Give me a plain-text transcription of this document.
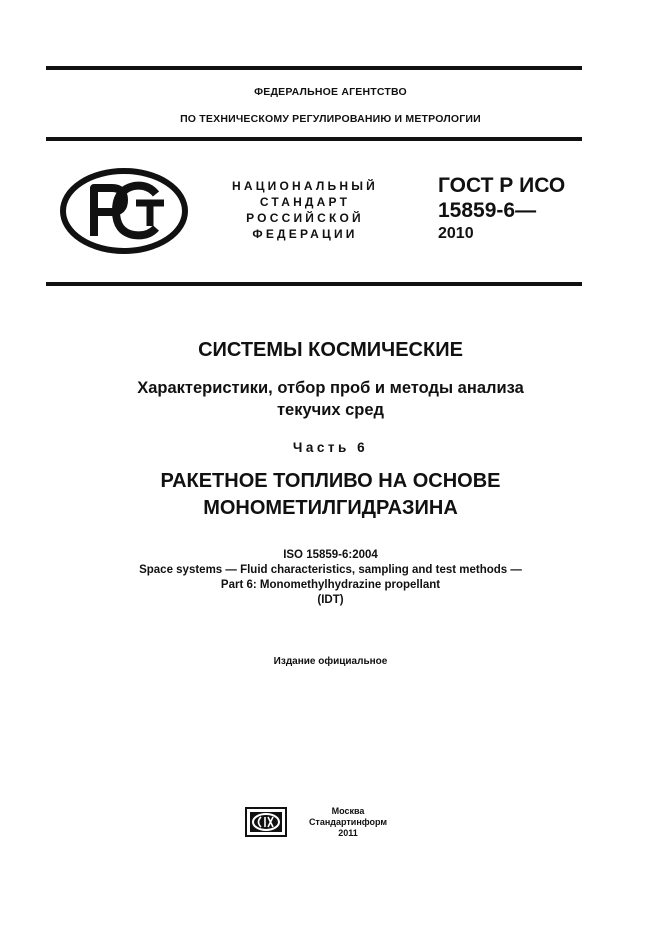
ФЕДЕРАЛЬНОЕ АГЕНТСТВО
ПО ТЕХНИЧЕСКОМУ РЕГУЛИРОВАНИЮ И МЕТРОЛОГИИ
НАЦИОНАЛЬНЫЙ
СТАНДАРТ
РОССИЙСКОЙ
ФЕДЕРАЦИИ
ГОСТ Р ИСО
15859-6—
2010
СИСТЕМЫ КОСМИЧЕСКИЕ
Характеристики, отбор проб и методы анализа
текучих сред
Часть 6
РАКЕТНОЕ ТОПЛИВО НА ОСНОВЕ
МОНОМЕТИЛГИДРАЗИНА
ISO 15859-6:2004
Space systems — Fluid characteristics, sampling and test methods —
Part 6: Monomethylhydrazine propellant
(IDT)
Издание официальное
Москва
Стандартинформ
2011
